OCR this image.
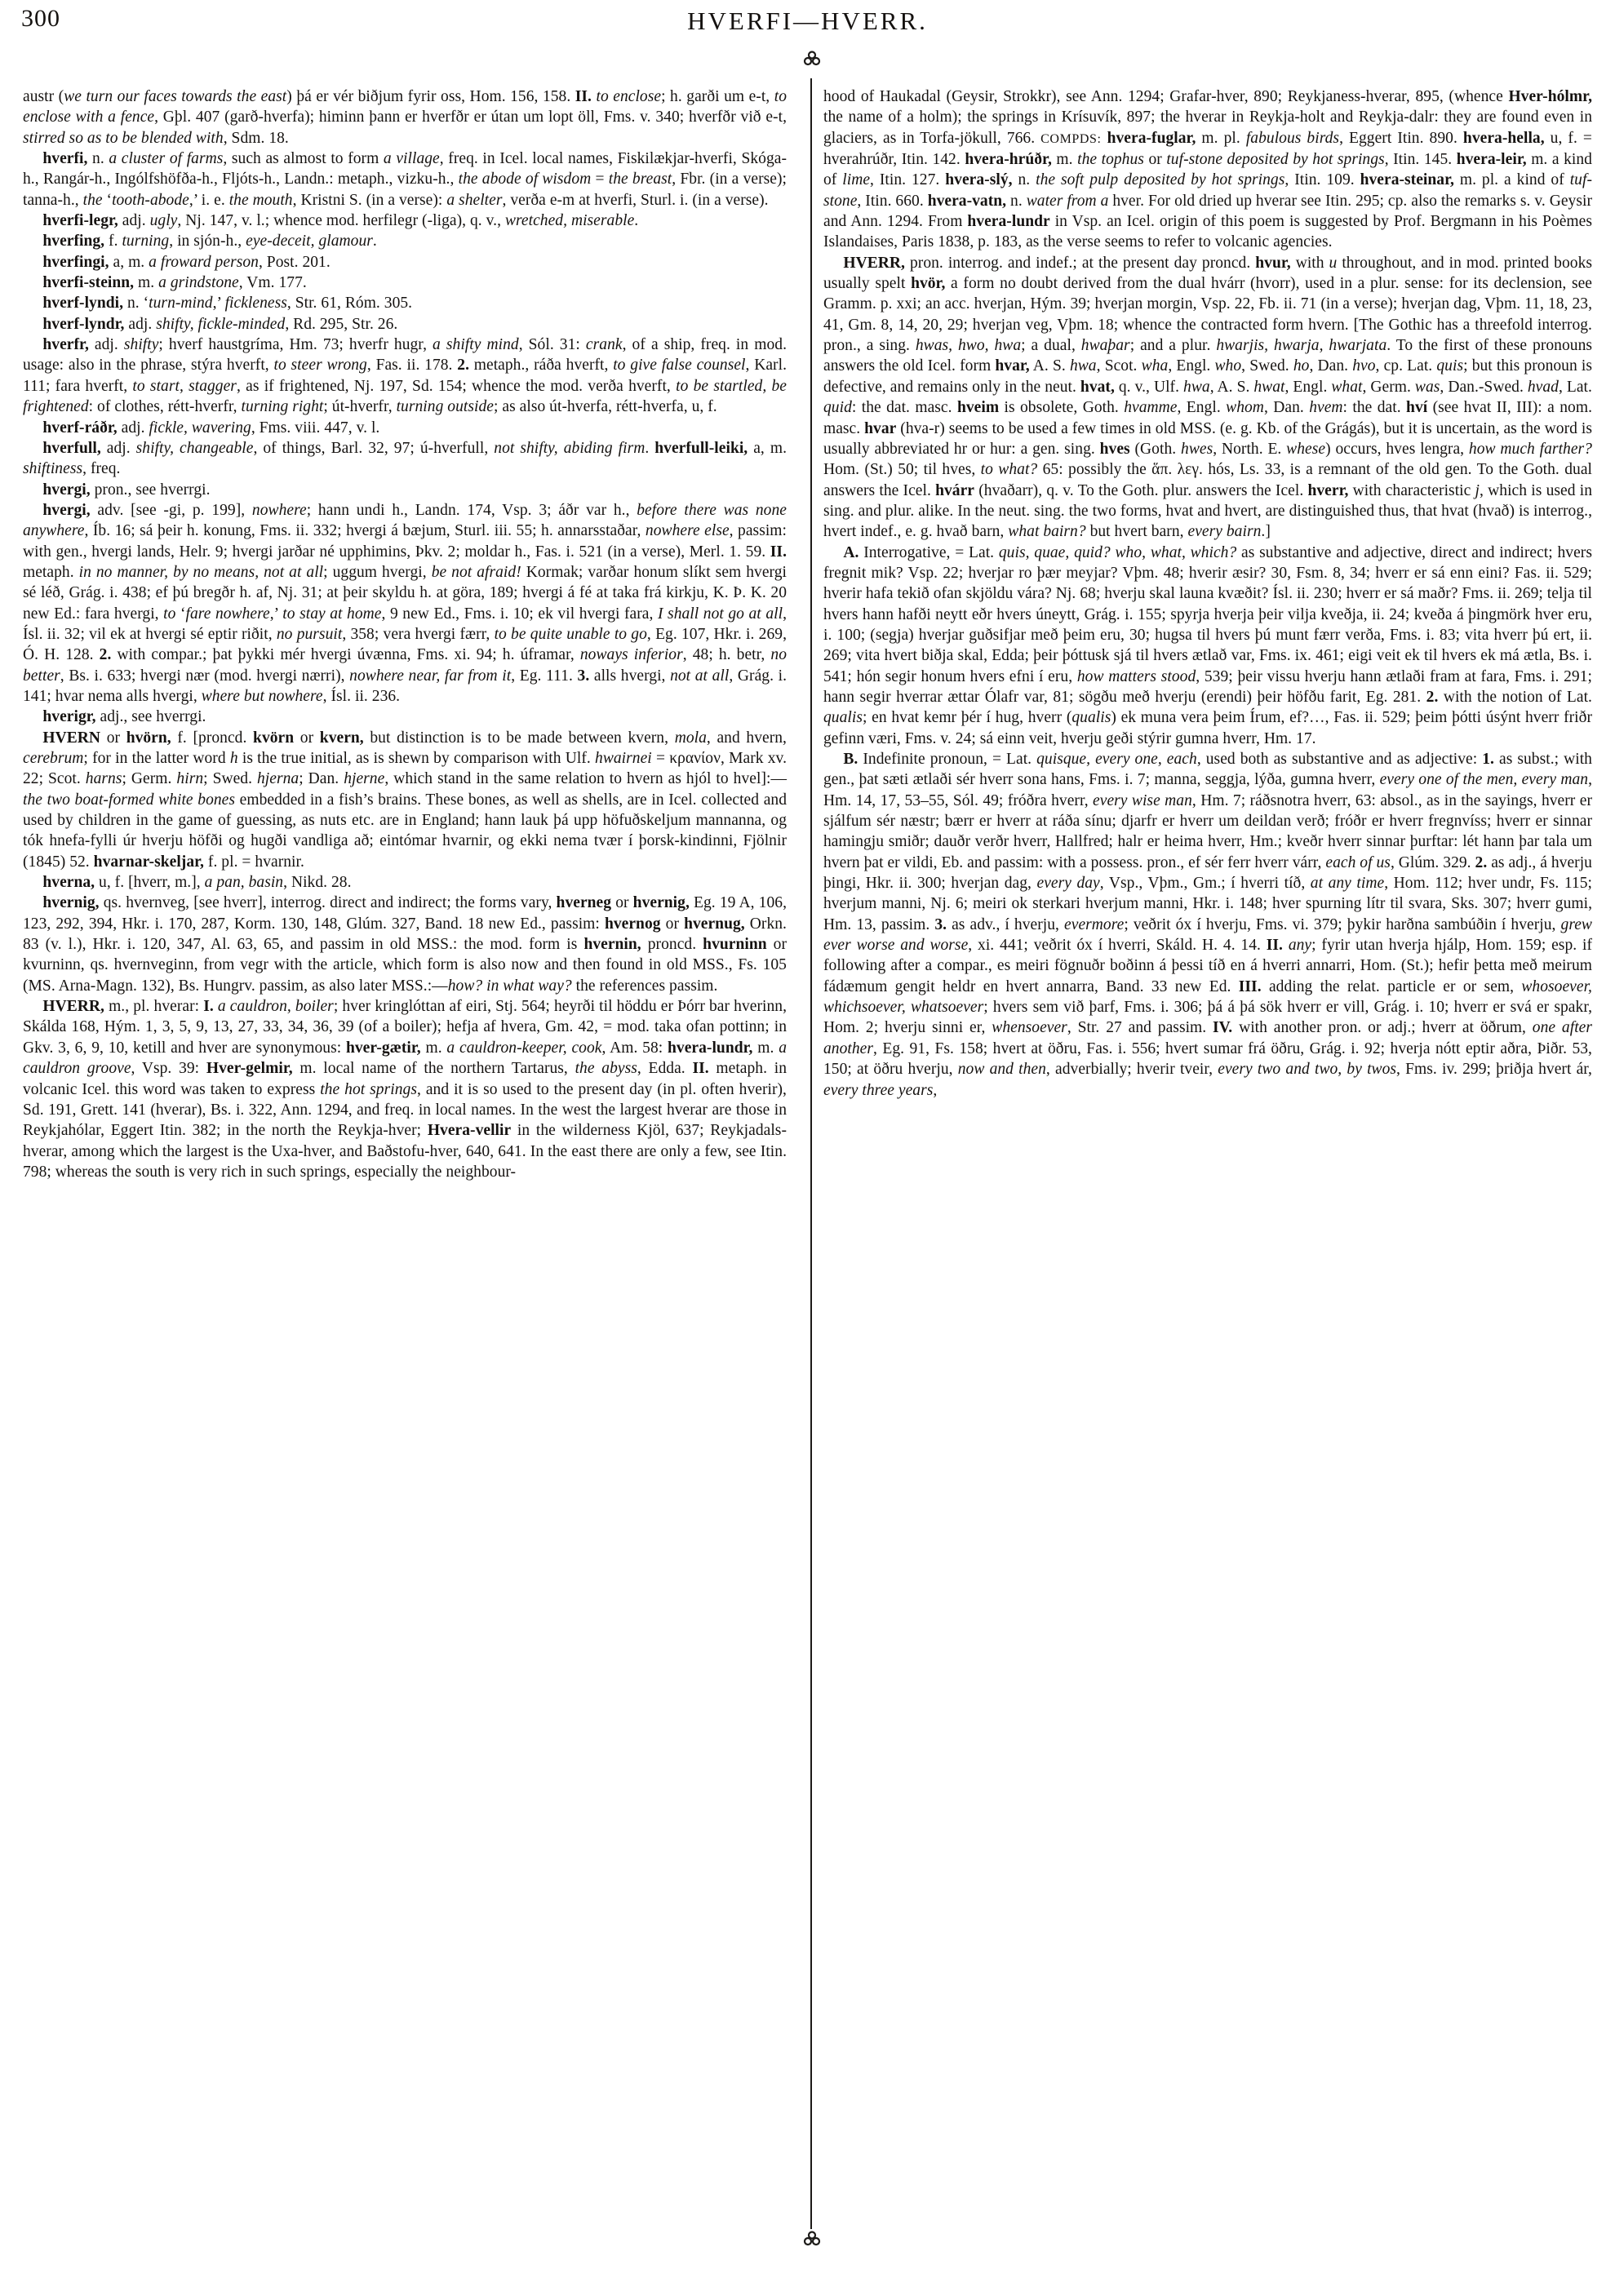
300	HVERFI—HVERR.

austr (we turn our faces towards the east) þá er vér biðjum fyrir oss, Hom. 156, 158. II. to enclose; h. garði um e-t, to enclose with a fence, Gþl. 407 (garð-hverfa); himinn þann er hverfðr er útan um lopt öll, Fms. v. 340; hverfðr við e-t, stirred so as to be blended with, Sdm. 18.

hverfi, n. a cluster of farms, such as almost to form a village, freq. in Icel. local names, Fiskilækjar-hverfi, Skóga-h., Rangár-h., Ingólfshöfða-h., Fljóts-h., Landn.: metaph., vizku-h., the abode of wisdom = the breast, Fbr. (in a verse); tanna-h., the ‘tooth-abode,’ i. e. the mouth, Kristni S. (in a verse): a shelter, verða e-m at hverfi, Sturl. i. (in a verse).

hverfi-legr, adj. ugly, Nj. 147, v. l.; whence mod. herfilegr (-liga), q. v., wretched, miserable.

hverfing, f. turning, in sjón-h., eye-deceit, glamour.

hverfingi, a, m. a froward person, Post. 201.

hverfi-steinn, m. a grindstone, Vm. 177.

hverf-lyndi, n. ‘turn-mind,’ fickleness, Str. 61, Róm. 305.

hverf-lyndr, adj. shifty, fickle-minded, Rd. 295, Str. 26.

hverfr, adj. shifty; hverf haustgríma, Hm. 73; hverfr hugr, a shifty mind, Sól. 31: crank, of a ship, freq. in mod. usage: also in the phrase, stýra hverft, to steer wrong, Fas. ii. 178. 2. metaph., ráða hverft, to give false counsel, Karl. 111; fara hverft, to start, stagger, as if frightened, Nj. 197, Sd. 154; whence the mod. verða hverft, to be startled, be frightened: of clothes, rétt-hverfr, turning right; út-hverfr, turning outside; as also út-hverfa, rétt-hverfa, u, f.

hverf-ráðr, adj. fickle, wavering, Fms. viii. 447, v. l.

hverfull, adj. shifty, changeable, of things, Barl. 32, 97; ú-hverfull, not shifty, abiding firm. hverfull-leiki, a, m. shiftiness, freq.

hvergi, pron., see hverrgi.

hvergi, adv. [see -gi, p. 199], nowhere; hann undi h., Landn. 174, Vsp. 3; áðr var h., before there was none anywhere, Íb. 16; sá þeir h. konung, Fms. ii. 332; hvergi á bæjum, Sturl. iii. 55; h. annarsstaðar, nowhere else, passim: with gen., hvergi lands, Helr. 9; hvergi jarðar né upphimins, Þkv. 2; moldar h., Fas. i. 521 (in a verse), Merl. 1. 59. II. metaph. in no manner, by no means, not at all; uggum hvergi, be not afraid! Kormak; varðar honum slíkt sem hvergi sé léð, Grág. i. 438; ef þú bregðr h. af, Nj. 31; at þeir skyldu h. at göra, 189; hvergi á fé at taka frá kirkju, K. Þ. K. 20 new Ed.: fara hvergi, to ‘fare nowhere,’ to stay at home, 9 new Ed., Fms. i. 10; ek vil hvergi fara, I shall not go at all, Ísl. ii. 32; vil ek at hvergi sé eptir riðit, no pursuit, 358; vera hvergi færr, to be quite unable to go, Eg. 107, Hkr. i. 269, Ó. H. 128. 2. with compar.; þat þykki mér hvergi úvænna, Fms. xi. 94; h. úframar, noways inferior, 48; h. betr, no better, Bs. i. 633; hvergi nær (mod. hvergi nærri), nowhere near, far from it, Eg. 111. 3. alls hvergi, not at all, Grág. i. 141; hvar nema alls hvergi, where but nowhere, Ísl. ii. 236.

hverigr, adj., see hverrgi.

HVERN or hvörn, f. [proncd. kvörn or kvern, but distinction is to be made between kvern, mola, and hvern, cerebrum; for in the latter word h is the true initial, as is shewn by comparison with Ulf. hwairnei = κρανίον, Mark xv. 22; Scot. harns; Germ. hirn; Swed. hjerna; Dan. hjerne, which stand in the same relation to hvern as hjól to hvel]:—the two boat-formed white bones embedded in a fish’s brains. These bones, as well as shells, are in Icel. collected and used by children in the game of guessing, as nuts etc. are in England; hann lauk þá upp höfuðskeljum mannanna, og tók hnefa-fylli úr hverju höfði og hugði vandliga að; eintómar hvarnir, og ekki nema tvær í þorsk-kindinni, Fjölnir (1845) 52. hvarnar-skeljar, f. pl. = hvarnir.

hverna, u, f. [hverr, m.], a pan, basin, Nikd. 28.

hvernig, qs. hvernveg, [see hverr], interrog. direct and indirect; the forms vary, hverneg or hvernig, Eg. 19 A, 106, 123, 292, 394, Hkr. i. 170, 287, Korm. 130, 148, Glúm. 327, Band. 18 new Ed., passim: hvernog or hvernug, Orkn. 83 (v. l.), Hkr. i. 120, 347, Al. 63, 65, and passim in old MSS.: the mod. form is hvernin, proncd. hvurninn or kvurninn, qs. hvernveginn, from vegr with the article, which form is also now and then found in old MSS., Fs. 105 (MS. Arna-Magn. 132), Bs. Hungrv. passim, as also later MSS.:—how? in what way? the references passim.

HVERR, m., pl. hverar: I. a cauldron, boiler; hver kringlóttan af eiri, Stj. 564; heyrði til höddu er Þórr bar hverinn, Skálda 168, Hým. 1, 3, 5, 9, 13, 27, 33, 34, 36, 39 (of a boiler); hefja af hvera, Gm. 42, = mod. taka ofan pottinn; in Gkv. 3, 6, 9, 10, ketill and hver are synonymous: hver-gætir, m. a cauldron-keeper, cook, Am. 58: hvera-lundr, m. a cauldron groove, Vsp. 39: Hver-gelmir, m. local name of the northern Tartarus, the abyss, Edda. II. metaph. in volcanic Icel. this word was taken to express the hot springs, and it is so used to the present day (in pl. often hverir), Sd. 191, Grett. 141 (hverar), Bs. i. 322, Ann. 1294, and freq. in local names. In the west the largest hverar are those in Reykjahólar, Eggert Itin. 382; in the north the Reykja-hver; Hvera-vellir in the wilderness Kjöl, 637; Reykjadals-hverar, among which the largest is the Uxa-hver, and Baðstofu-hver, 640, 641. In the east there are only a few, see Itin. 798; whereas the south is very rich in such springs, especially the neighbour-

hood of Haukadal (Geysir, Strokkr), see Ann. 1294; Grafar-hver, 890; Reykjaness-hverar, 895, (whence Hver-hólmr, the name of a holm); the springs in Krísuvík, 897; the hverar in Reykja-holt and Reykja-dalr: they are found even in glaciers, as in Torfa-jökull, 766. COMPDS: hvera-fuglar, m. pl. fabulous birds, Eggert Itin. 890. hvera-hella, u, f. = hverahrúðr, Itin. 142. hvera-hrúðr, m. the tophus or tuf-stone deposited by hot springs, Itin. 145. hvera-leir, m. a kind of lime, Itin. 127. hvera-slý, n. the soft pulp deposited by hot springs, Itin. 109. hvera-steinar, m. pl. a kind of tuf-stone, Itin. 660. hvera-vatn, n. water from a hver. For old dried up hverar see Itin. 295; cp. also the remarks s. v. Geysir and Ann. 1294. From hvera-lundr in Vsp. an Icel. origin of this poem is suggested by Prof. Bergmann in his Poèmes Islandaises, Paris 1838, p. 183, as the verse seems to refer to volcanic agencies.

HVERR, pron. interrog. and indef.; at the present day proncd. hvur, with u throughout, and in mod. printed books usually spelt hvör, a form no doubt derived from the dual hvárr (hvorr), used in a plur. sense: for its declension, see Gramm. p. xxi; an acc. hverjan, Hým. 39; hverjan morgin, Vsp. 22, Fb. ii. 71 (in a verse); hverjan dag, Vþm. 11, 18, 23, 41, Gm. 8, 14, 20, 29; hverjan veg, Vþm. 18; whence the contracted form hvern. [The Gothic has a threefold interrog. pron., a sing. hwas, hwo, hwa; a dual, hwaþar; and a plur. hwarjis, hwarja, hwarjata. To the first of these pronouns answers the old Icel. form hvar, A. S. hwa, Scot. wha, Engl. who, Swed. ho, Dan. hvo, cp. Lat. quis; but this pronoun is defective, and remains only in the neut. hvat, q. v., Ulf. hwa, A. S. hwat, Engl. what, Germ. was, Dan.-Swed. hvad, Lat. quid: the dat. masc. hveim is obsolete, Goth. hvamme, Engl. whom, Dan. hvem: the dat. hví (see hvat II, III): a nom. masc. hvar (hva-r) seems to be used a few times in old MSS. (e. g. Kb. of the Grágás), but it is uncertain, as the word is usually abbreviated hr or hur: a gen. sing. hves (Goth. hwes, North. E. whese) occurs, hves lengra, how much farther? Hom. (St.) 50; til hves, to what? 65: possibly the ἅπ. λεγ. hós, Ls. 33, is a remnant of the old gen. To the Goth. dual answers the Icel. hvárr (hvaðarr), q. v. To the Goth. plur. answers the Icel. hverr, with characteristic j, which is used in sing. and plur. alike. In the neut. sing. the two forms, hvat and hvert, are distinguished thus, that hvat (hvað) is interrog., hvert indef., e. g. hvað barn, what bairn? but hvert barn, every bairn.]

A. Interrogative, = Lat. quis, quae, quid? who, what, which? as substantive and adjective, direct and indirect; hvers fregnit mik? Vsp. 22; hverjar ro þær meyjar? Vþm. 48; hverir æsir? 30, Fsm. 8, 34; hverr er sá enn eini? Fas. ii. 529; hverir hafa tekið ofan skjöldu vára? Nj. 68; hverju skal launa kvæðit? Ísl. ii. 230; hverr er sá maðr? Fms. ii. 269; telja til hvers hann hafði neytt eðr hvers úneytt, Grág. i. 155; spyrja hverja þeir vilja kveðja, ii. 24; kveða á þingmörk hver eru, i. 100; (segja) hverjar guðsifjar með þeim eru, 30; hugsa til hvers þú munt færr verða, Fms. i. 83; vita hverr þú ert, ii. 269; vita hvert biðja skal, Edda; þeir þóttusk sjá til hvers ætlað var, Fms. ix. 461; eigi veit ek til hvers ek má ætla, Bs. i. 541; hón segir honum hvers efni í eru, how matters stood, 539; þeir vissu hverju hann ætlaði fram at fara, Fms. i. 291; hann segir hverrar ættar Ólafr var, 81; sögðu með hverju (erendi) þeir höfðu farit, Eg. 281. 2. with the notion of Lat. qualis; en hvat kemr þér í hug, hverr (qualis) ek muna vera þeim Írum, ef?…, Fas. ii. 529; þeim þótti úsýnt hverr friðr gefinn væri, Fms. v. 24; sá einn veit, hverju geði stýrir gumna hverr, Hm. 17.

B. Indefinite pronoun, = Lat. quisque, every one, each, used both as substantive and as adjective: 1. as subst.; with gen., þat sæti ætlaði sér hverr sona hans, Fms. i. 7; manna, seggja, lýða, gumna hverr, every one of the men, every man, Hm. 14, 17, 53–55, Sól. 49; fróðra hverr, every wise man, Hm. 7; ráðsnotra hverr, 63: absol., as in the sayings, hverr er sjálfum sér næstr; bærr er hverr at ráða sínu; djarfr er hverr um deildan verð; fróðr er hverr fregnvíss; hverr er sinnar hamingju smiðr; dauðr verðr hverr, Hallfred; halr er heima hverr, Hm.; kveðr hverr sinnar þurftar: lét hann þar tala um hvern þat er vildi, Eb. and passim: with a possess. pron., ef sér ferr hverr várr, each of us, Glúm. 329. 2. as adj., á hverju þingi, Hkr. ii. 300; hverjan dag, every day, Vsp., Vþm., Gm.; í hverri tíð, at any time, Hom. 112; hver undr, Fs. 115; hverjum manni, Nj. 6; meiri ok sterkari hverjum manni, Hkr. i. 148; hver spurning lítr til svara, Sks. 307; hverr gumi, Hm. 13, passim. 3. as adv., í hverju, evermore; veðrit óx í hverju, Fms. vi. 379; þykir harðna sambúðin í hverju, grew ever worse and worse, xi. 441; veðrit óx í hverri, Skáld. H. 4. 14. II. any; fyrir utan hverja hjálp, Hom. 159; esp. if following after a compar., es meiri fögnuðr boðinn á þessi tíð en á hverri annarri, Hom. (St.); hefir þetta með meirum fádæmum gengit heldr en hvert annarra, Band. 33 new Ed. III. adding the relat. particle er or sem, whosoever, whichsoever, whatsoever; hvers sem við þarf, Fms. i. 306; þá á þá sök hverr er vill, Grág. i. 10; hverr er svá er spakr, Hom. 2; hverju sinni er, whensoever, Str. 27 and passim. IV. with another pron. or adj.; hverr at öðrum, one after another, Eg. 91, Fs. 158; hvert at öðru, Fas. i. 556; hvert sumar frá öðru, Grág. i. 92; hverja nótt eptir aðra, Þiðr. 53, 150; at öðru hverju, now and then, adverbially; hverir tveir, every two and two, by twos, Fms. iv. 299; þriðja hvert ár, every three years,
